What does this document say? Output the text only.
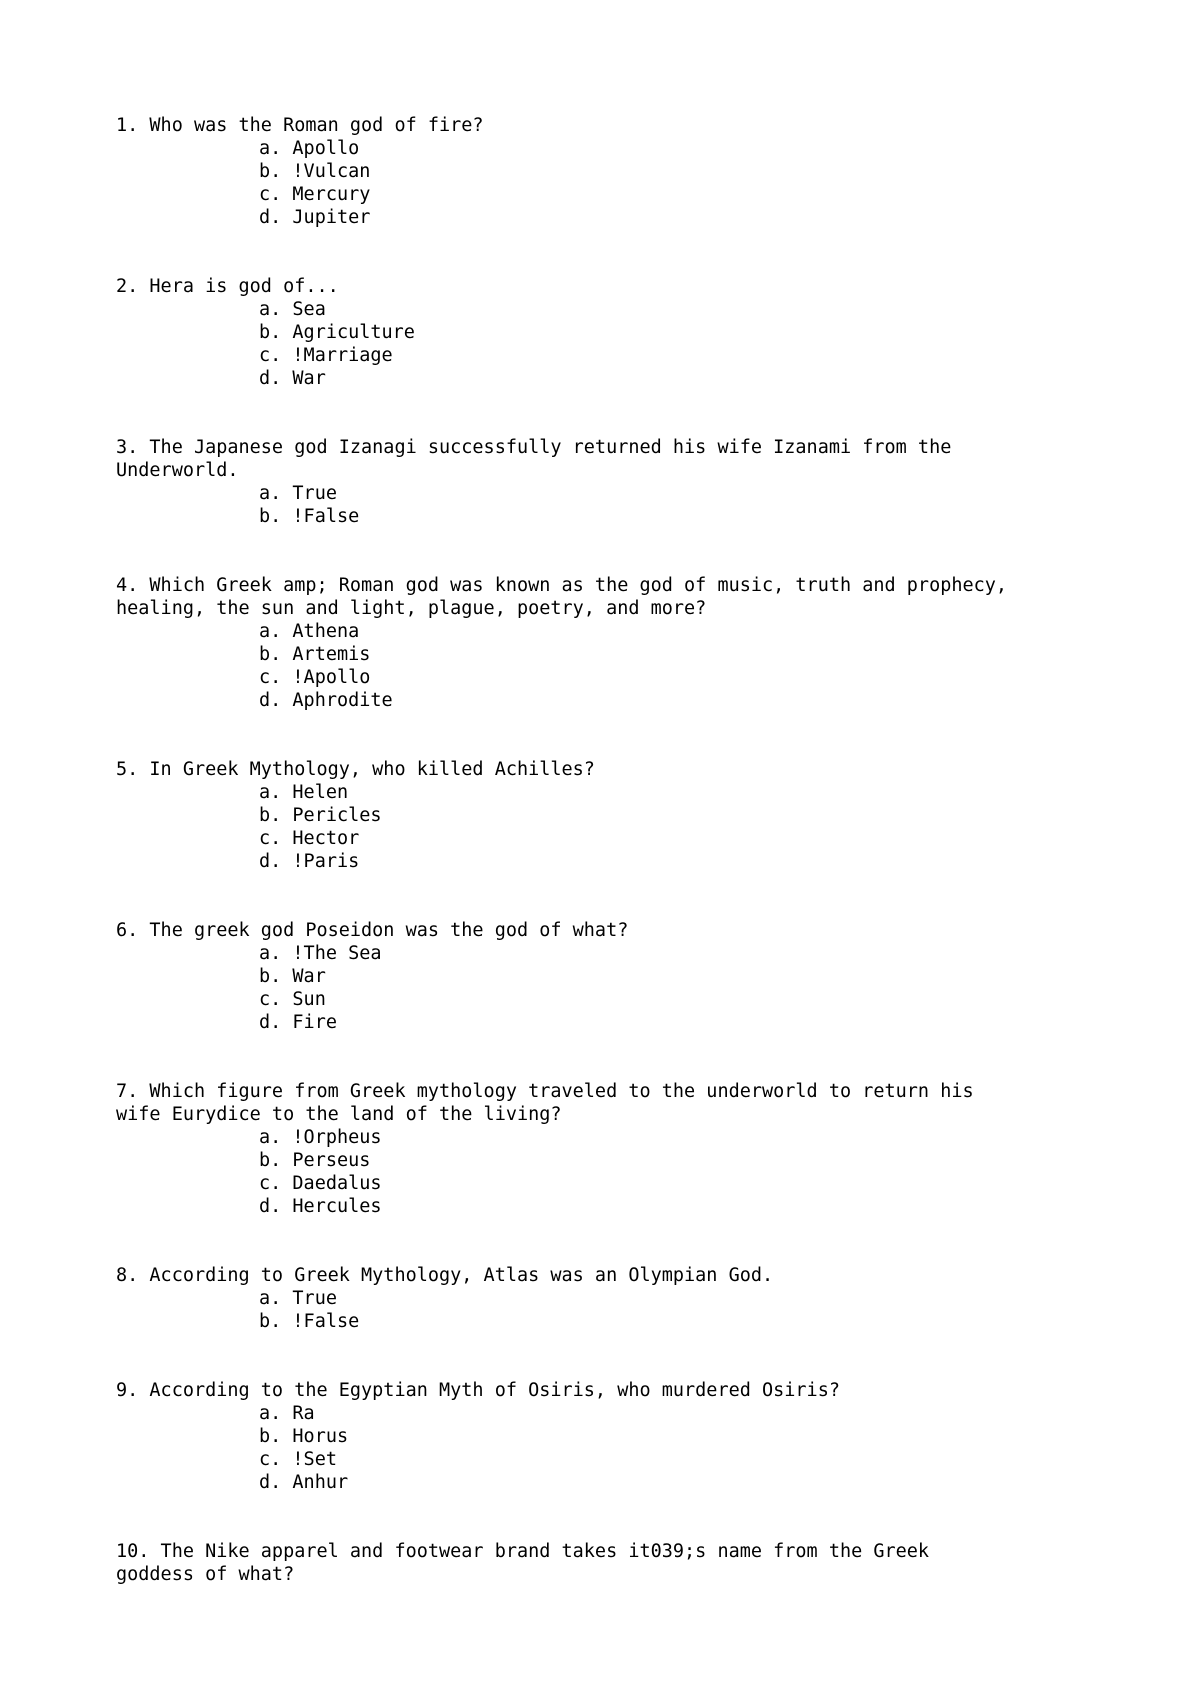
1. Who was the Roman god of fire?

a. Apollo
b. !Vulcan
c. Mercury
d. Jupiter

2. Hera is god of...

a. Sea
b. Agriculture
c. !Marriage
d. War

3. The Japanese god Izanagi successfully returned his wife Izanami from the
Underworld.

a. True
b. !False

4. Which Greek amp; Roman god was known as the god of music, truth and prophecy,
healing, the sun and light, plague, poetry, and more?

a. Athena
b. Artemis
c. !Apollo
d. Aphrodite

5. In Greek Mythology, who killed Achilles?

a. Helen
b. Pericles
c. Hector
d. !Paris

6. The greek god Poseidon was the god of what?

a. !The Sea
b. War
c. Sun
d. Fire

7. Which figure from Greek mythology traveled to the underworld to return his
wife Eurydice to the land of the living?

a. !Orpheus
b. Perseus
c. Daedalus
d. Hercules

8. According to Greek Mythology, Atlas was an Olympian God.

a. True
b. !False

9. According to the Egyptian Myth of Osiris, who murdered Osiris?

a. Ra
b. Horus
c. !Set
d. Anhur

10. The Nike apparel and footwear brand takes it039;s name from the Greek
goddess of what?
